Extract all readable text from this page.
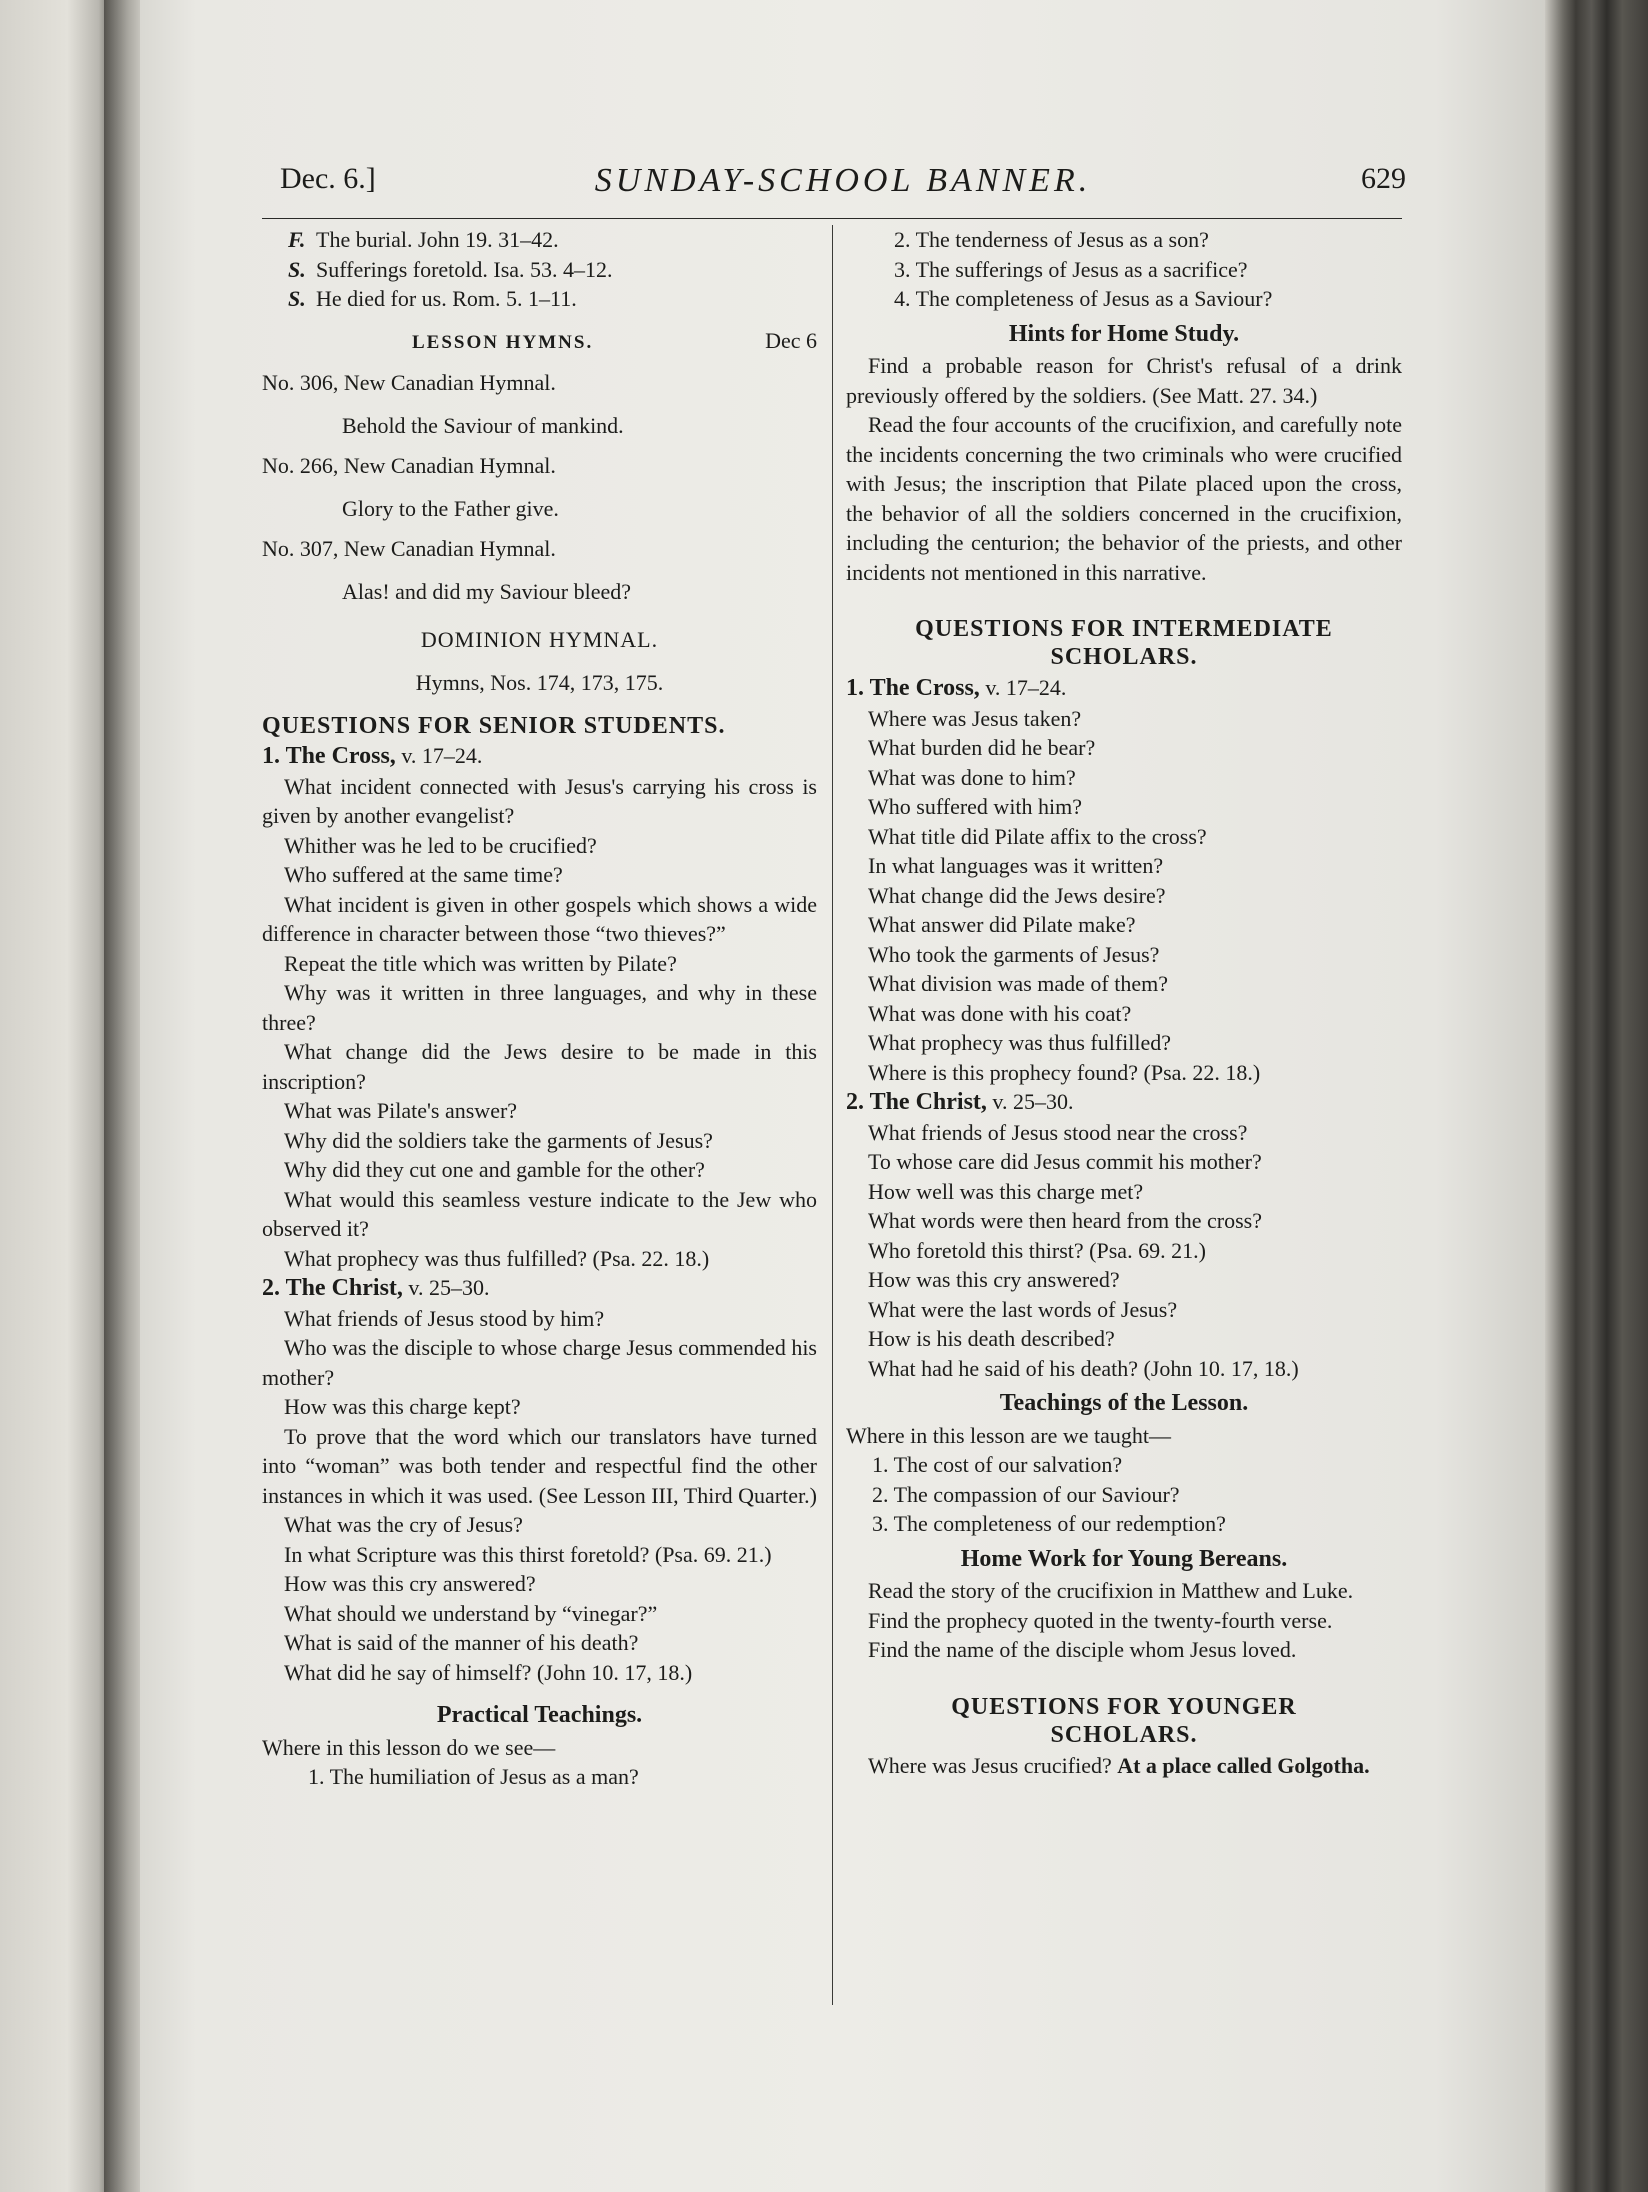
Dec. 6.]	SUNDAY-SCHOOL BANNER.	629
F. The burial. John 19. 31–42.
S. Sufferings foretold. Isa. 53. 4–12.
S. He died for us. Rom. 5. 1–11.
LESSON HYMNS.	Dec 6

No. 306, New Canadian Hymnal.

Behold the Saviour of mankind.

No. 266, New Canadian Hymnal.

Glory to the Father give.

No. 307, New Canadian Hymnal.

Alas! and did my Saviour bleed?

DOMINION HYMNAL.

Hymns, Nos. 174, 173, 175.

QUESTIONS FOR SENIOR STUDENTS.

1. The Cross, v. 17–24.

What incident connected with Jesus's carrying his cross is given by another evangelist?

Whither was he led to be crucified?

Who suffered at the same time?

What incident is given in other gospels which shows a wide difference in character between those “two thieves?”

Repeat the title which was written by Pilate?

Why was it written in three languages, and why in these three?

What change did the Jews desire to be made in this inscription?

What was Pilate's answer?

Why did the soldiers take the garments of Jesus?

Why did they cut one and gamble for the other?

What would this seamless vesture indicate to the Jew who observed it?

What prophecy was thus fulfilled? (Psa. 22. 18.)

2. The Christ, v. 25–30.

What friends of Jesus stood by him?

Who was the disciple to whose charge Jesus commended his mother?

How was this charge kept?

To prove that the word which our translators have turned into “woman” was both tender and respectful find the other instances in which it was used. (See Lesson III, Third Quarter.)

What was the cry of Jesus?

In what Scripture was this thirst foretold? (Psa. 69. 21.)

How was this cry answered?

What should we understand by “vinegar?”

What is said of the manner of his death?

What did he say of himself? (John 10. 17, 18.)

Practical Teachings.

Where in this lesson do we see—

1. The humiliation of Jesus as a man?

2. The tenderness of Jesus as a son?

3. The sufferings of Jesus as a sacrifice?

4. The completeness of Jesus as a Saviour?

Hints for Home Study.

Find a probable reason for Christ's refusal of a drink previously offered by the soldiers. (See Matt. 27. 34.)

Read the four accounts of the crucifixion, and carefully note the incidents concerning the two criminals who were crucified with Jesus; the inscription that Pilate placed upon the cross, the behavior of all the soldiers concerned in the crucifixion, including the centurion; the behavior of the priests, and other incidents not mentioned in this narrative.

QUESTIONS FOR INTERMEDIATE

SCHOLARS.

1. The Cross, v. 17–24.

Where was Jesus taken?

What burden did he bear?

What was done to him?

Who suffered with him?

What title did Pilate affix to the cross?

In what languages was it written?

What change did the Jews desire?

What answer did Pilate make?

Who took the garments of Jesus?

What division was made of them?

What was done with his coat?

What prophecy was thus fulfilled?

Where is this prophecy found? (Psa. 22. 18.)

2. The Christ, v. 25–30.

What friends of Jesus stood near the cross?

To whose care did Jesus commit his mother?

How well was this charge met?

What words were then heard from the cross?

Who foretold this thirst? (Psa. 69. 21.)

How was this cry answered?

What were the last words of Jesus?

How is his death described?

What had he said of his death? (John 10. 17, 18.)

Teachings of the Lesson.

Where in this lesson are we taught—

1. The cost of our salvation?

2. The compassion of our Saviour?

3. The completeness of our redemption?

Home Work for Young Bereans.

Read the story of the crucifixion in Matthew and Luke.

Find the prophecy quoted in the twenty-fourth verse.

Find the name of the disciple whom Jesus loved.

QUESTIONS FOR YOUNGER

SCHOLARS.

Where was Jesus crucified? At a place called Golgotha.
